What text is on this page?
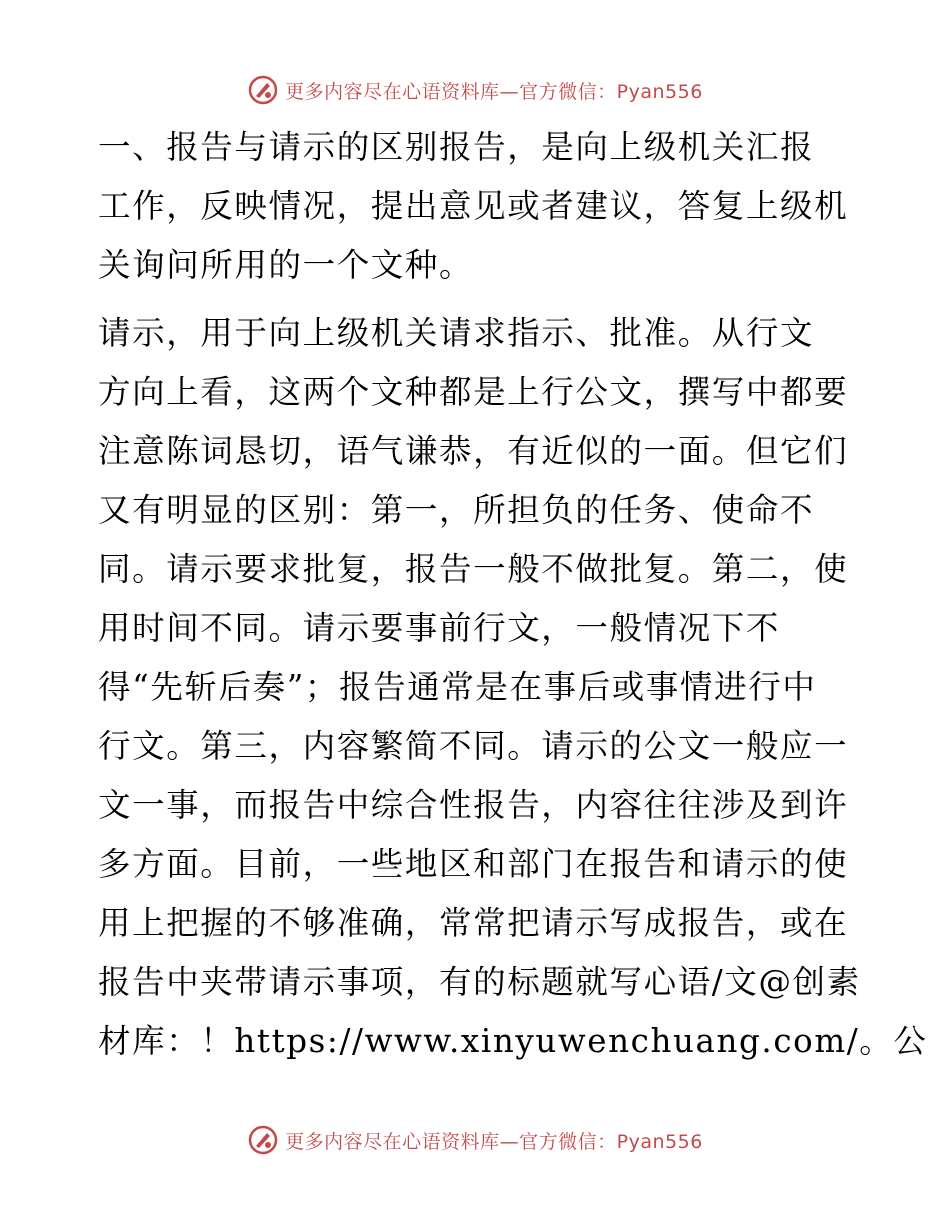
更多内容尽在心语资料库—官方微信：Pyan556
一、报告与请示的区别报告，是向上级机关汇报
工作，反映情况，提出意见或者建议，答复上级机
关询问所用的一个文种。
请示，用于向上级机关请求指示、批准。从行文
方向上看，这两个文种都是上行公文，撰写中都要
注意陈词恳切，语气谦恭，有近似的一面。但它们
又有明显的区别：第一，所担负的任务、使命不
同。请示要求批复，报告一般不做批复。第二，使
用时间不同。请示要事前行文，一般情况下不
得“先斩后奏”；报告通常是在事后或事情进行中
行文。第三，内容繁简不同。请示的公文一般应一
文一事，而报告中综合性报告，内容往往涉及到许
多方面。目前，一些地区和部门在报告和请示的使
用上把握的不够准确，常常把请示写成报告，或在
报告中夹带请示事项，有的标题就写心语/文@创素
材库：！https://www.xinyuwenchuang.com/。公
更多内容尽在心语资料库—官方微信：Pyan556
